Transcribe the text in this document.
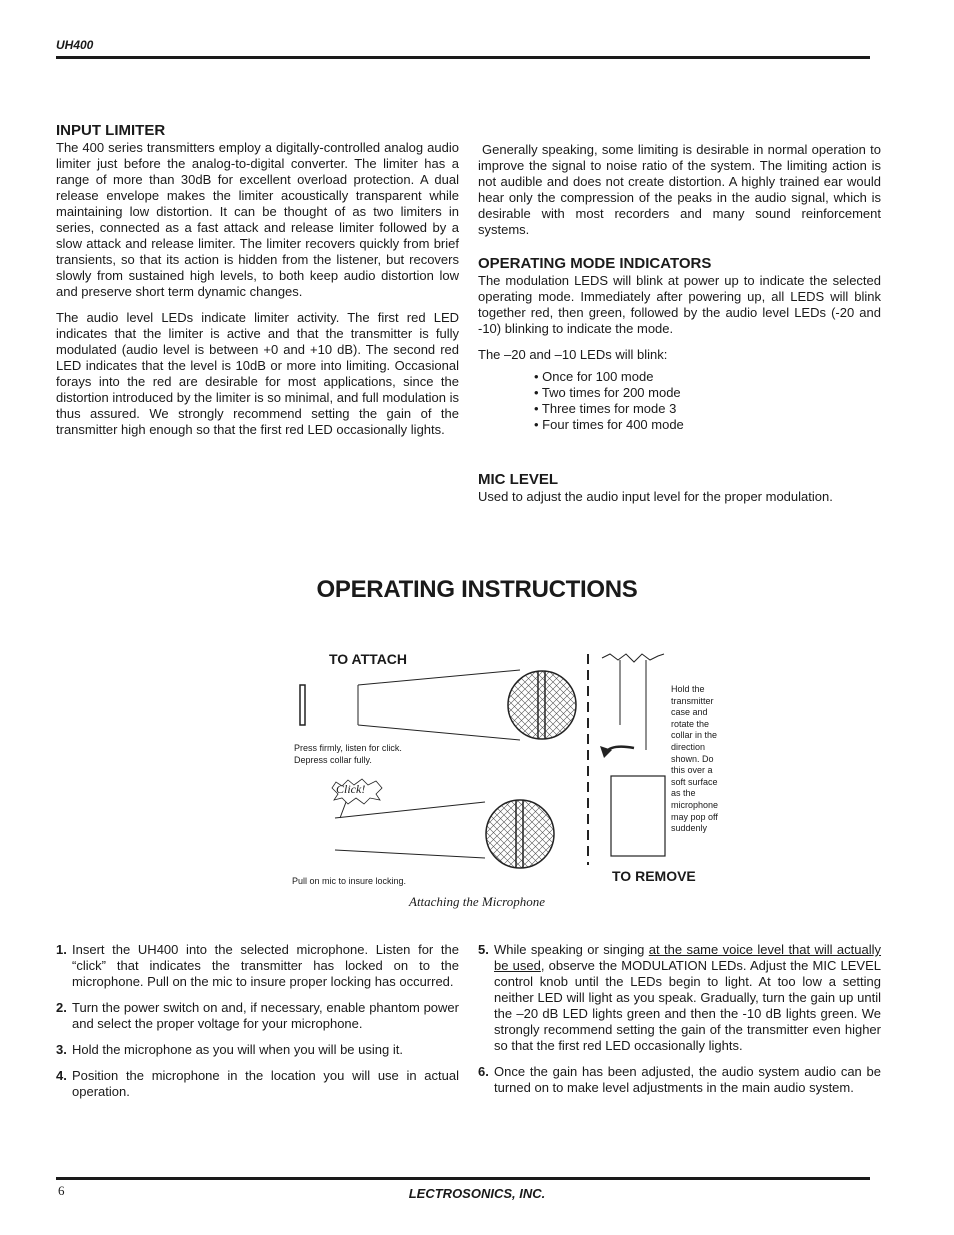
UH400
INPUT LIMITER

The 400 series transmitters employ a digitally-controlled analog audio limiter just before the analog-to-digital converter. The limiter has a range of more than 30dB for excellent overload protection. A dual release envelope makes the limiter acoustically transparent while maintaining low distortion. It can be thought of as two limiters in series, connected as a fast attack and release limiter followed by a slow attack and release limiter. The limiter recovers quickly from brief transients, so that its action is hidden from the listener, but recovers slowly from sustained high levels, to both keep audio distortion low and preserve short term dynamic changes.

The audio level LEDs indicate limiter activity. The first red LED indicates that the limiter is active and that the transmitter is fully modulated (audio level is between +0 and +10 dB). The second red LED indicates that the level is 10dB or more into limiting. Occasional forays into the red are desirable for most applications, since the distortion introduced by the limiter is so minimal, and full modulation is thus assured. We strongly recommend setting the gain of the transmitter high enough so that the first red LED occasionally lights.

Generally speaking, some limiting is desirable in normal operation to improve the signal to noise ratio of the system. The limiting action is not audible and does not create distortion. A highly trained ear would hear only the compression of the peaks in the audio signal, which is desirable with most recorders and many sound reinforcement systems.

OPERATING MODE INDICATORS

The modulation LEDS will blink at power up to indicate the selected operating mode. Immediately after powering up, all LEDS will blink together red, then green, followed by the audio level LEDs (-20 and -10) blinking to indicate the mode.

The –20 and –10 LEDs will blink:

• Once for 100 mode
• Two times for 200 mode
• Three times for mode 3
• Four times for 400 mode
MIC LEVEL

Used to adjust the audio input level for the proper modulation.

OPERATING INSTRUCTIONS
TO ATTACH
Press firmly, listen for click.
Depress collar fully.
Click!
Pull on mic to insure locking.	TO REMOVE
Hold the
transmitter
case and
rotate the
collar in the
direction
shown. Do
this over a
soft surface
as the
microphone
may pop off
suddenly
Attaching the Microphone
1. Insert the UH400 into the selected microphone. Listen for the “click” that indicates the transmitter has locked on to the microphone. Pull on the mic to insure proper locking has occurred.
2. Turn the power switch on and, if necessary, enable phantom power and select the proper voltage for your microphone.
3. Hold the microphone as you will when you will be using it.
4. Position the microphone in the location you will use in actual operation.
5. While speaking or singing at the same voice level that will actually be used, observe the MODULATION LEDs. Adjust the MIC LEVEL control knob until the LEDs begin to light. At too low a setting neither LED will light as you speak. Gradually, turn the gain up until the –20 dB LED lights green and then the -10 dB lights green. We strongly recommend setting the gain of the transmitter even higher so that the first red LED occasionally lights.
6. Once the gain has been adjusted, the audio system audio can be turned on to make level adjustments in the main audio system.
6	LECTROSONICS, INC.
